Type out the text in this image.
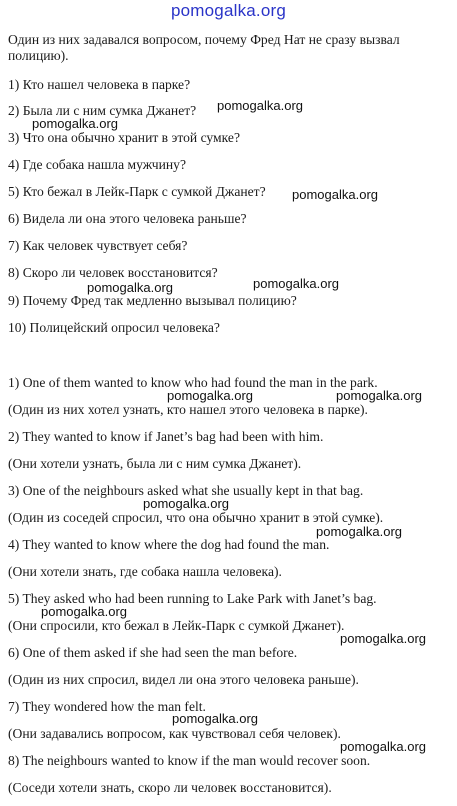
pomogalka.org
Один из них задавался вопросом, почему Фред Нат не сразу вызвал
полицию).
1) Кто нашел человека в парке?
2) Была ли с ним сумка Джанет?
3) Что она обычно хранит в этой сумке?
4) Где собака нашла мужчину?
5) Кто бежал в Лейк-Парк с сумкой Джанет?
6) Видела ли она этого человека раньше?
7) Как человек чувствует себя?
8) Скоро ли человек восстановится?
9) Почему Фред так медленно вызывал полицию?
10) Полицейский опросил человека?
1) One of them wanted to know who had found the man in the park.
(Один из них хотел узнать, кто нашел этого человека в парке).
2) They wanted to know if Janet’s bag had been with him.
(Они хотели узнать, была ли с ним сумка Джанет).
3) One of the neighbours asked what she usually kept in that bag.
(Один из соседей спросил, что она обычно хранит в этой сумке).
4) They wanted to know where the dog had found the man.
(Они хотели знать, где собака нашла человека).
5) They asked who had been running to Lake Park with Janet’s bag.
(Они спросили, кто бежал в Лейк-Парк с сумкой Джанет).
6) One of them asked if she had seen the man before.
(Один из них спросил, видел ли она этого человека раньше).
7) They wondered how the man felt.
(Они задавались вопросом, как чувствовал себя человек).
8) The neighbours wanted to know if the man would recover soon.
(Соседи хотели знать, скоро ли человек восстановится).
pomogalka.org
pomogalka.org
pomogalka.org
pomogalka.org
pomogalka.org
pomogalka.org	pomogalka.org
pomogalka.org
pomogalka.org
pomogalka.org
pomogalka.org
pomogalka.org
pomogalka.org
